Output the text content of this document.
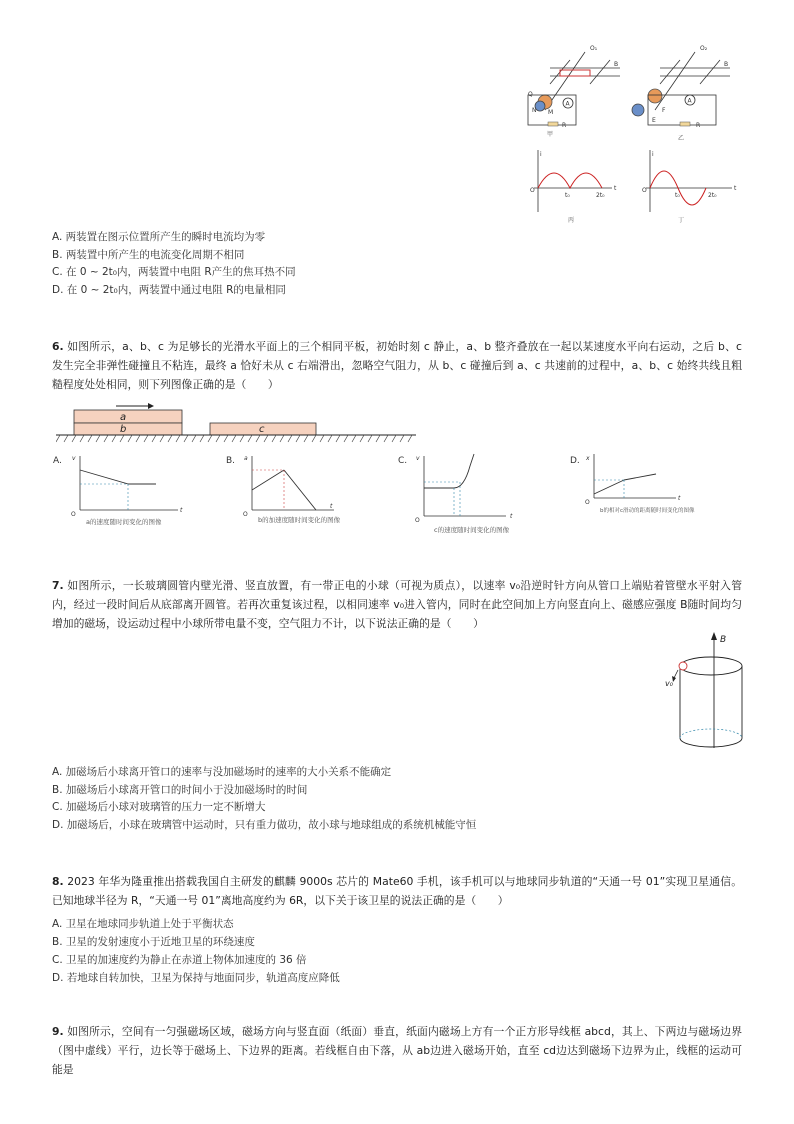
A
R
Q
N M
B
O₁
甲
A
R
E
F
B
O₂
乙
O
i
t
t₀	2t₀
丙
O
i
t
t₀	2t₀
丁
A. 两装置在图示位置所产生的瞬时电流均为零
B. 两装置中所产生的电流变化周期不相同
C. 在 0 ~ 2t₀内，两装置中电阻 R产生的焦耳热不同
D. 在 0 ~ 2t₀内，两装置中通过电阻 R的电量相同
6. 如图所示，a、b、c 为足够长的光滑水平面上的三个相同平板，初始时刻 c 静止，a、b 整齐叠放在一起以某速度水平向右运动，之后 b、c 发生完全非弹性碰撞且不粘连，最终 a 恰好未从 c 右端滑出，忽略空气阻力，从 b、c 碰撞后到 a、c 共速前的过程中，a、b、c 始终共线且粗糙程度处处相同，则下列图像正确的是（　　）
a
b	c
A. v
t
O
a的速度随时间变化的图像
B. a
t
O
b的加速度随时间变化的图像
C. v
t
O
c的速度随时间变化的图像
D. x
t
O
b的相对c滑动的距离随时间变化的图像
7. 如图所示，一长玻璃圆管内壁光滑、竖直放置，有一带正电的小球（可视为质点），以速率 v₀沿逆时针方向从管口上端贴着管壁水平射入管内，经过一段时间后从底部离开圆管。若再次重复该过程，以相同速率 v₀进入管内，同时在此空间加上方向竖直向上、磁感应强度 B随时间均匀增加的磁场，设运动过程中小球所带电量不变，空气阻力不计，以下说法正确的是（　　）
B
v₀
A. 加磁场后小球离开管口的速率与没加磁场时的速率的大小关系不能确定
B. 加磁场后小球离开管口的时间小于没加磁场时的时间
C. 加磁场后小球对玻璃管的压力一定不断增大
D. 加磁场后，小球在玻璃管中运动时，只有重力做功，故小球与地球组成的系统机械能守恒
8. 2023 年华为隆重推出搭载我国自主研发的麒麟 9000s 芯片的 Mate60 手机，该手机可以与地球同步轨道的“天通一号 01”实现卫星通信。已知地球半径为 R，“天通一号 01”离地高度约为 6R，以下关于该卫星的说法正确的是（　　）
A. 卫星在地球同步轨道上处于平衡状态
B. 卫星的发射速度小于近地卫星的环绕速度
C. 卫星的加速度约为静止在赤道上物体加速度的 36 倍
D. 若地球自转加快，卫星为保持与地面同步，轨道高度应降低
9. 如图所示，空间有一匀强磁场区域，磁场方向与竖直面（纸面）垂直，纸面内磁场上方有一个正方形导线框 abcd，其上、下两边与磁场边界（图中虚线）平行，边长等于磁场上、下边界的距离。若线框自由下落，从 ab边进入磁场开始，直至 cd边达到磁场下边界为止，线框的运动可能是
